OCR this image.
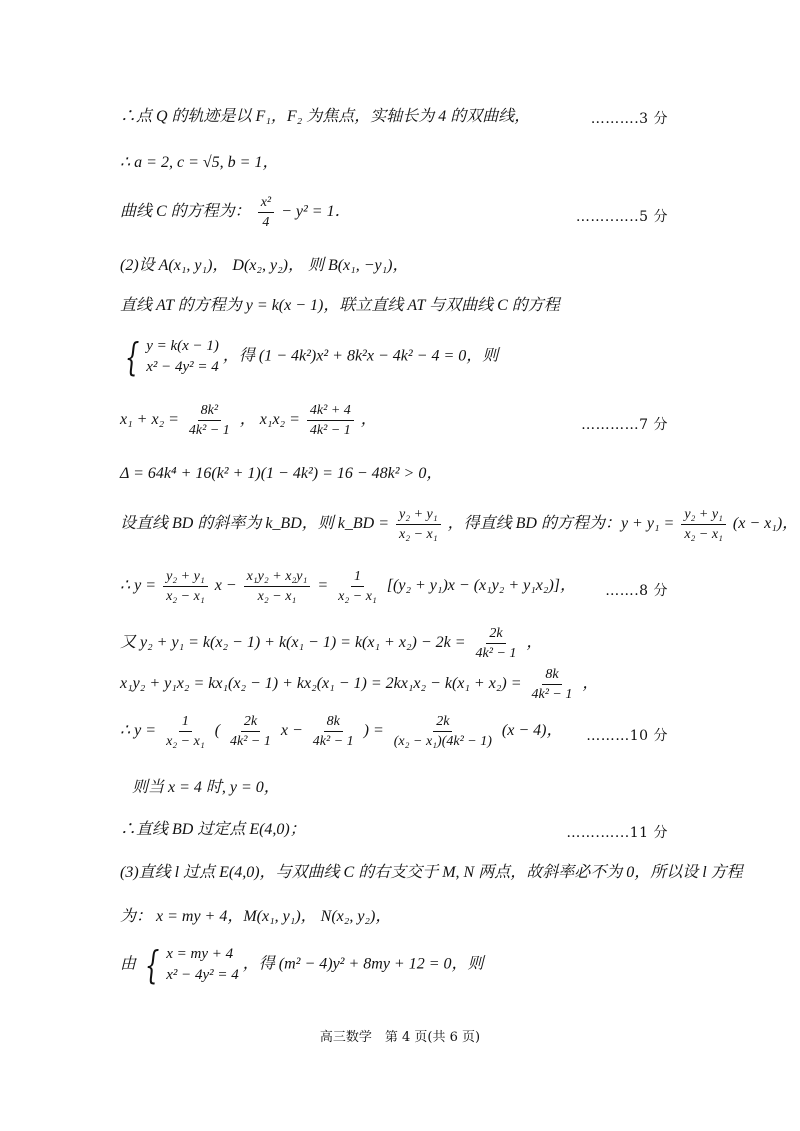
∴点 Q 的轨迹是以 F₁，F₂ 为焦点，实轴长为 4 的双曲线，	……….3 分
∴ a = 2, c = √5, b = 1，
曲线 C 的方程为： $\frac{\text{x²}}{4} - y^2 = 1$．	……..…..5 分
(2)设 A(x₁, y₁)， D(x₂, y₂)， 则 B(x₁, −y₁)，
直线 AT 的方程为 y = k(x − 1)，联立直线 AT 与双曲线 C 的方程
{ y = k(x − 1)
x² − 4y² = 4
，得 (1 − 4k²)x² + 8k²x − 4k² − 4 = 0，则
$x_1 + x_2 = \frac{\text{8k²}}{\text{4k² − 1}}$ ， $x_1x_2 = \frac{\text{4k² + 4}}{\text{4k² − 1}}$ ，	…………7 分
Δ = 64k⁴ + 16(k² + 1)(1 − 4k²) = 16 − 48k² > 0，
设直线 BD 的斜率为 k_BD，则 k_BD = $\frac{\text{y₂ + y₁}}{\text{x₂ − x₁}}$ ，得直线 BD 的方程为：$y + y_1 = \frac{\text{y₂ + y₁}}{\text{x₂ − x₁}} (x - x_1)$，
∴ $y = \frac{\text{y₂ + y₁}}{\text{x₂ − x₁}}$ $x - \frac{\text{x₁y₂ + x₂y₁}}{\text{x₂ − x₁}} = \frac{1}{\text{x₂ − x₁}} [(y_2 + y_1)x - (x_1y_2 + y_1x_2)]$， …….8 分
又 $y_2 + y_1 = k(x_2 - 1) + k(x_1 - 1) = k(x_1 + x_2) - 2k = \frac{2k}{\text{4k² − 1}}$ ，
$x_1y_2 + y_1x_2 = kx_1(x_2 - 1) + kx_2(x_1 - 1) = 2kx_1x_2 - k(x_1 + x_2) = \frac{8k}{\text{4k² − 1}}$ ，
∴ $y = \frac{1}{\text{x₂ − x₁}}$ ( $\frac{2k}{\text{4k² − 1}}$ $x - \frac{8k}{\text{4k² − 1}}$ ) = $\frac{2k}{\text{(x₂ − x₁)(4k² − 1)}} (x - 4)$， ………10 分
则当 x = 4 时, y = 0，
∴直线 BD 过定点 E(4,0)；	…….…...11 分
(3)直线 l 过点 E(4,0)，与双曲线 C 的右支交于 M, N 两点，故斜率必不为 0，所以设 l 方程
为： x = my + 4，M(x₁, y₁)， N(x₂, y₂)，
由 { x = my + 4
x² − 4y² = 4
，得 (m² − 4)y² + 8my + 12 = 0，则
高三数学　第 4 页(共 6 页)
